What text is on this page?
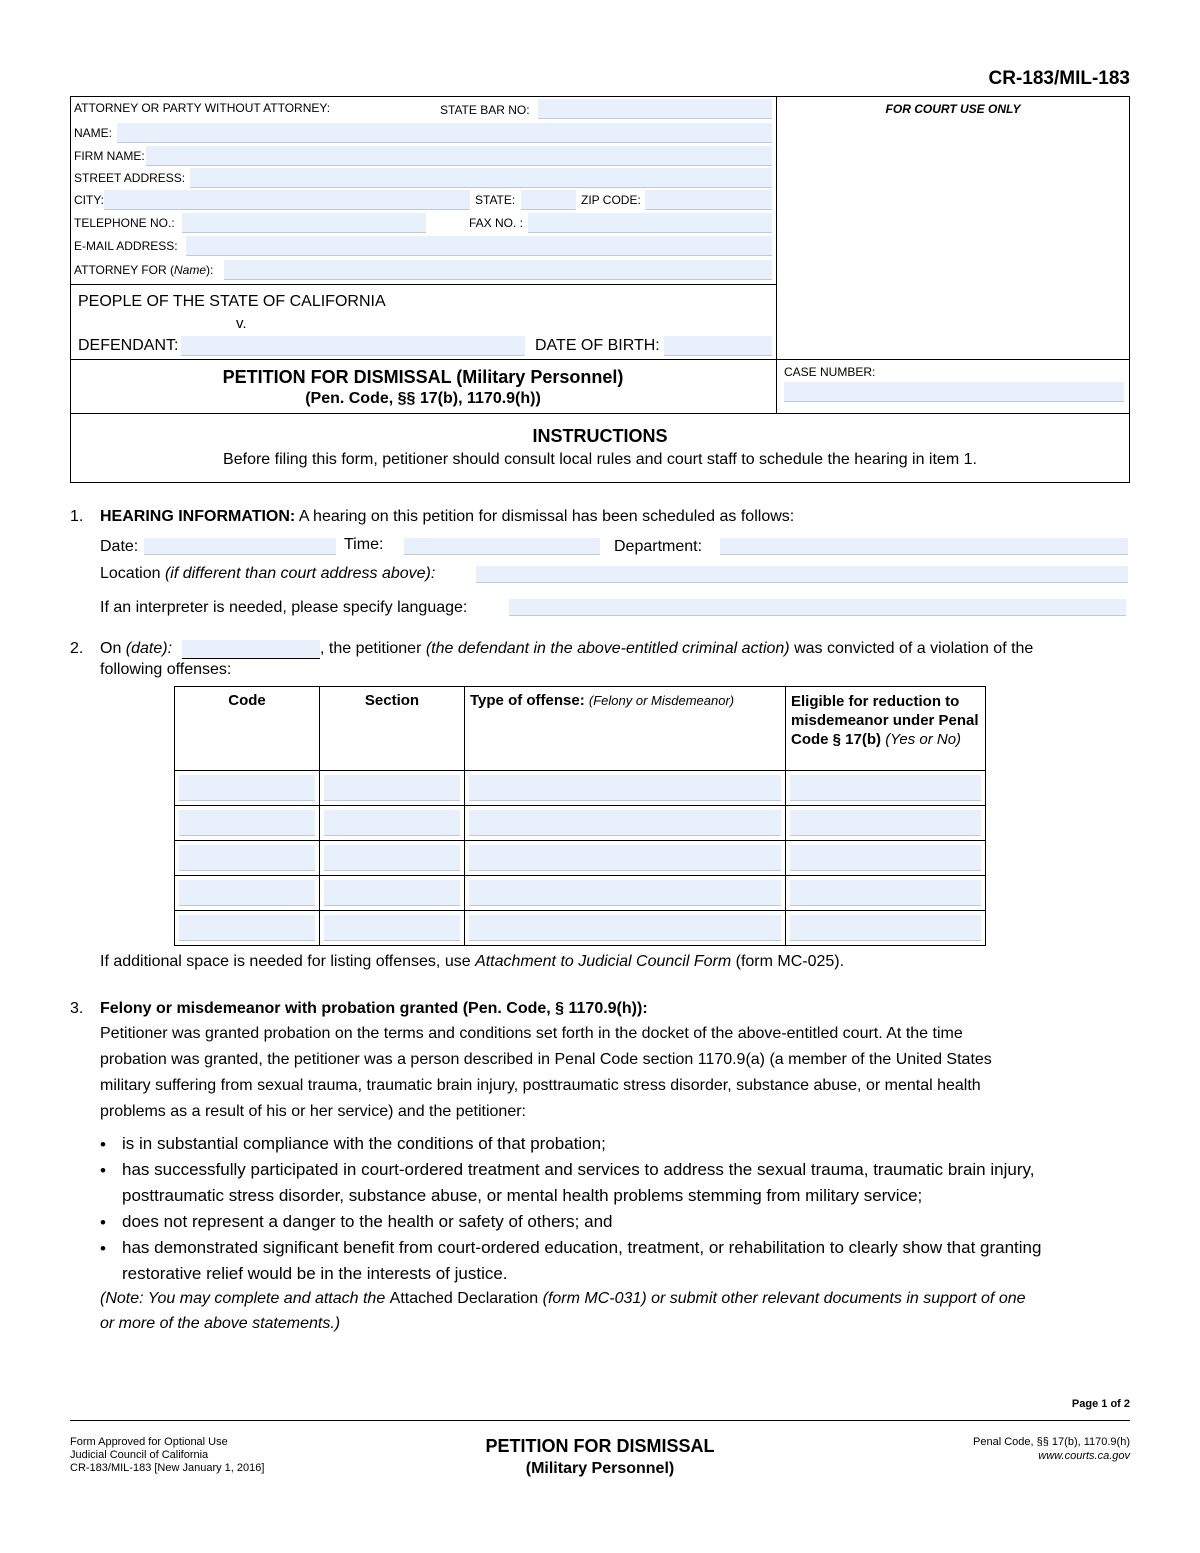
CR-183/MIL-183
ATTORNEY OR PARTY WITHOUT ATTORNEY:	STATE BAR NO:
NAME:
FIRM NAME:
STREET ADDRESS:
CITY:	STATE:	ZIP CODE:
TELEPHONE NO.:	FAX NO. :
E-MAIL ADDRESS:
ATTORNEY FOR (Name):
FOR COURT USE ONLY
PEOPLE OF THE STATE OF CALIFORNIA
v.
DEFENDANT:	DATE OF BIRTH:
PETITION FOR DISMISSAL (Military Personnel)
(Pen. Code, §§ 17(b), 1170.9(h))
CASE NUMBER:
INSTRUCTIONS
Before filing this form, petitioner should consult local rules and court staff to schedule the hearing in item 1.
1. HEARING INFORMATION: A hearing on this petition for dismissal has been scheduled as follows:
Date:	Time:	Department:
Location (if different than court address above):
If an interpreter is needed, please specify language:
2. On (date):	, the petitioner (the defendant in the above-entitled criminal action) was convicted of a violation of the
following offenses:
Code	Section	Type of offense: (Felony or Misdemeanor)	Eligible for reduction to misdemeanor under Penal Code § 17(b) (Yes or No)

If additional space is needed for listing offenses, use Attachment to Judicial Council Form (form MC-025).
3. Felony or misdemeanor with probation granted (Pen. Code, § 1170.9(h)):
Petitioner was granted probation on the terms and conditions set forth in the docket of the above-entitled court. At the time
probation was granted, the petitioner was a person described in Penal Code section 1170.9(a) (a member of the United States
military suffering from sexual trauma, traumatic brain injury, posttraumatic stress disorder, substance abuse, or mental health
problems as a result of his or her service) and the petitioner:
• is in substantial compliance with the conditions of that probation;
• has successfully participated in court-ordered treatment and services to address the sexual trauma, traumatic brain injury,
posttraumatic stress disorder, substance abuse, or mental health problems stemming from military service;
• does not represent a danger to the health or safety of others; and
• has demonstrated significant benefit from court-ordered education, treatment, or rehabilitation to clearly show that granting
restorative relief would be in the interests of justice.
(Note: You may complete and attach the Attached Declaration (form MC-031) or submit other relevant documents in support of one
or more of the above statements.)
Page 1 of 2
Form Approved for Optional Use
Judicial Council of California
CR-183/MIL-183 [New January 1, 2016]
PETITION FOR DISMISSAL
(Military Personnel)
Penal Code, §§ 17(b), 1170.9(h)
www.courts.ca.gov
